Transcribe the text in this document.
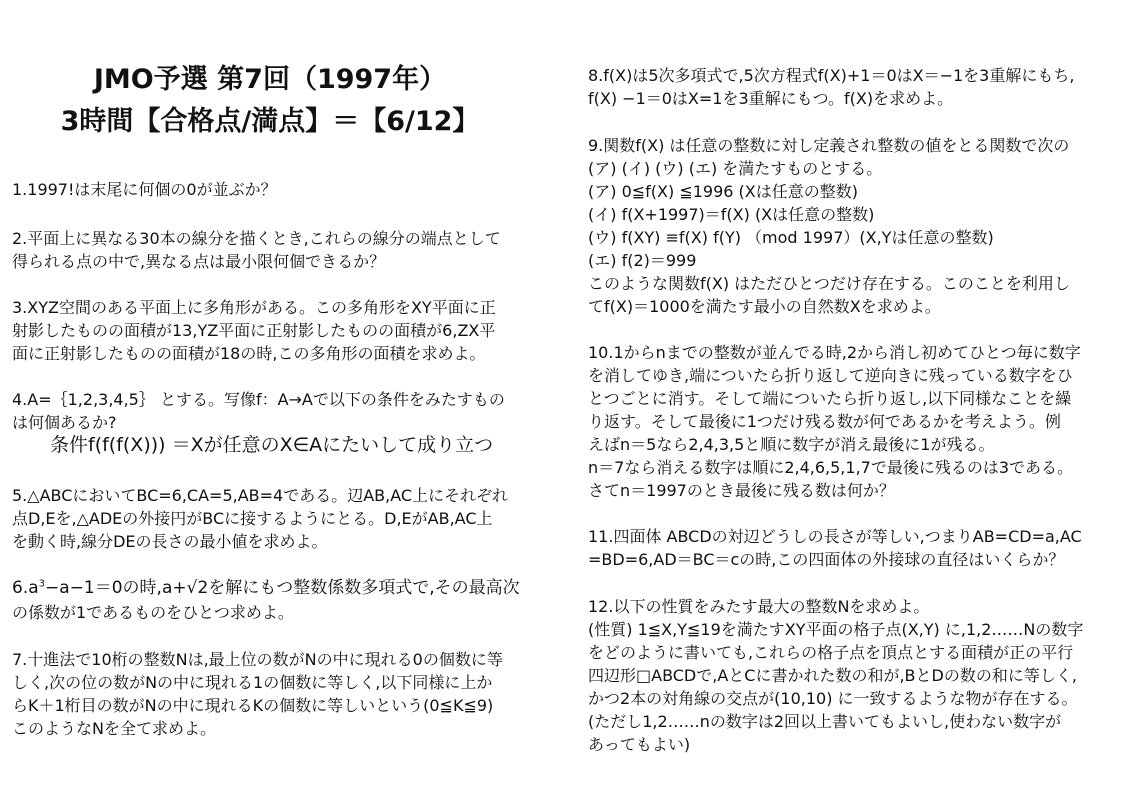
JMO予選 第7回（1997年）
3時間【合格点/満点】＝【6/12】

1.1997!は末尾に何個の0が並ぶか？

2.平面上に異なる30本の線分を描くとき,これらの線分の端点として

得られる点の中で,異なる点は最小限何個できるか？

3.XYZ空間のある平面上に多角形がある。この多角形をXY平面に正

射影したものの面積が13,YZ平面に正射影したものの面積が6,ZX平

面に正射影したものの面積が18の時,この多角形の面積を求めよ。

4.A=｛1,2,3,4,5｝ とする。写像f：A→Aで以下の条件をみたすもの

は何個あるか?

条件f(f(f(X))) ＝Xが任意のX∈Aにたいして成り立つ

5.△ABCにおいてBC=6,CA=5,AB=4である。辺AB,AC上にそれぞれ

点D,Eを,△ADEの外接円がBCに接するようにとる。D,EがAB,AC上

を動く時,線分DEの長さの最小値を求めよ。

$6.a^3-a-1=0$の時,a+√2を解にもつ整数係数多項式で,その最高次

の係数が1であるものをひとつ求めよ。

7.十進法で10桁の整数Nは,最上位の数がNの中に現れる0の個数に等

しく,次の位の数がNの中に現れる1の個数に等しく,以下同様に上か

らK＋1桁目の数がNの中に現れるKの個数に等しいという(0≦K≦9)

このようなNを全て求めよ。

8.f(X)は5次多項式で,5次方程式f(X)+1＝0はX＝−1を3重解にもち,

f(X) −1＝0はX=1を3重解にもつ。f(X)を求めよ。

9.関数f(X) は任意の整数に対し定義され整数の値をとる関数で次の

(ア) (イ) (ウ) (エ) を満たすものとする。

(ア) 0≦f(X) ≦1996 (Xは任意の整数)

(イ) f(X+1997)＝f(X) (Xは任意の整数)

(ウ) f(XY) ≡f(X) f(Y) （mod 1997）(X,Yは任意の整数)

(エ) f(2)＝999

このような関数f(X) はただひとつだけ存在する。このことを利用し

てf(X)＝1000を満たす最小の自然数Xを求めよ。

10.1からnまでの整数が並んでる時,2から消し初めてひとつ毎に数字

を消してゆき,端についたら折り返して逆向きに残っている数字をひ

とつごとに消す。そして端についたら折り返し,以下同様なことを繰

り返す。そして最後に1つだけ残る数が何であるかを考えよう。例

えばn＝5なら2,4,3,5と順に数字が消え最後に1が残る。

n＝7なら消える数字は順に2,4,6,5,1,7で最後に残るのは3である。

さてn＝1997のとき最後に残る数は何か？

11.四面体 ABCDの対辺どうしの長さが等しい,つまりAB=CD=a,AC

=BD=6,AD＝BC＝cの時,この四面体の外接球の直径はいくらか？

12.以下の性質をみたす最大の整数Nを求めよ。

(性質) 1≦X,Y≦19を満たすXY平面の格子点(X,Y) に,1,2……Nの数字

をどのように書いても,これらの格子点を頂点とする面積が正の平行

四辺形□ABCDで,AとCに書かれた数の和が,BとDの数の和に等しく,

かつ2本の対角線の交点が(10,10) に一致するような物が存在する。

(ただし1,2……nの数字は2回以上書いてもよいし,使わない数字が

あってもよい)
